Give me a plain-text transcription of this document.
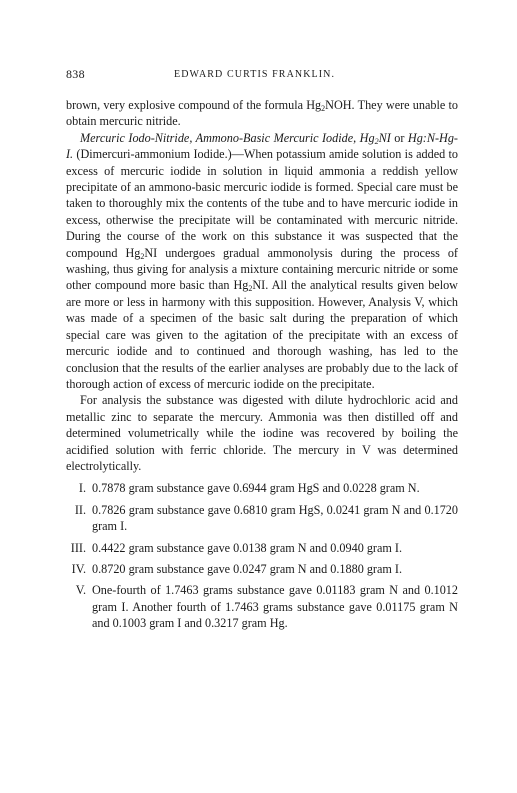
838	EDWARD CURTIS FRANKLIN.

brown, very explosive compound of the formula $Hg_2NOH$. They were unable to obtain mercuric nitride.

Mercuric Iodo-Nitride, Ammono-Basic Mercuric Iodide, $Hg_2NI$ or Hg:N-Hg-I. (Dimercuri-ammonium Iodide.)—When potassium amide solution is added to excess of mercuric iodide in solution in liquid ammonia a reddish yellow precipitate of an ammono-basic mercuric iodide is formed. Special care must be taken to thoroughly mix the contents of the tube and to have mercuric iodide in excess, otherwise the precipitate will be contaminated with mercuric nitride. During the course of the work on this substance it was suspected that the compound $Hg_2NI$ undergoes gradual ammonolysis during the process of washing, thus giving for analysis a mixture containing mercuric nitride or some other compound more basic than $Hg_2NI$. All the analytical results given below are more or less in harmony with this supposition. However, Analysis V, which was made of a specimen of the basic salt during the preparation of which special care was given to the agitation of the precipitate with an excess of mercuric iodide and to continued and thorough washing, has led to the conclusion that the results of the earlier analyses are probably due to the lack of thorough action of excess of mercuric iodide on the precipitate.

For analysis the substance was digested with dilute hydrochloric acid and metallic zinc to separate the mercury. Ammonia was then distilled off and determined volumetrically while the iodine was recovered by boiling the acidified solution with ferric chloride. The mercury in V was determined electrolytically.

I. 0.7878 gram substance gave 0.6944 gram HgS and 0.0228 gram N.
II. 0.7826 gram substance gave 0.6810 gram HgS, 0.0241 gram N and 0.1720 gram I.
III. 0.4422 gram substance gave 0.0138 gram N and 0.0940 gram I.
IV. 0.8720 gram substance gave 0.0247 gram N and 0.1880 gram I.
V. One-fourth of 1.7463 grams substance gave 0.01183 gram N and 0.1012 gram I. Another fourth of 1.7463 grams substance gave 0.01175 gram N and 0.1003 gram I and 0.3217 gram Hg.
